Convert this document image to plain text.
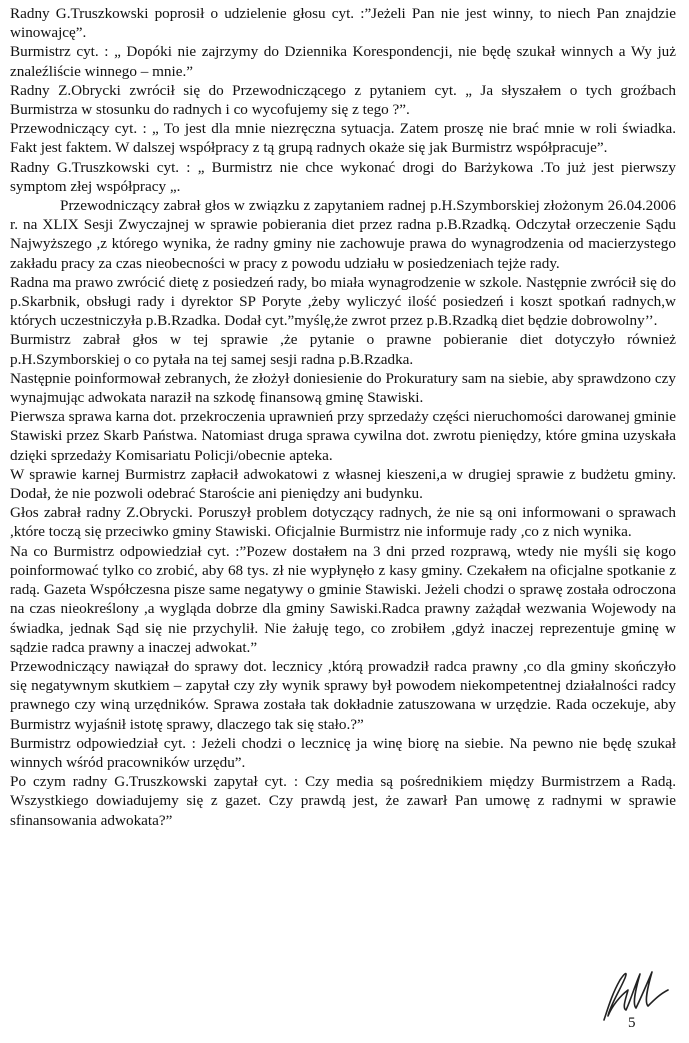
Radny G.Truszkowski poprosił o udzielenie głosu cyt. :”Jeżeli Pan nie jest winny, to niech Pan znajdzie winowajcę”.

Burmistrz cyt. : „ Dopóki nie zajrzymy do Dziennika Korespondencji, nie będę szukał winnych a Wy już znaleźliście winnego – mnie.”

Radny Z.Obrycki zwrócił się do Przewodniczącego z pytaniem cyt. „ Ja słyszałem o tych groźbach Burmistrza w stosunku do radnych i co wycofujemy się z tego ?”.

Przewodniczący cyt. : „ To jest dla mnie niezręczna sytuacja. Zatem proszę nie brać mnie w roli świadka. Fakt jest faktem. W dalszej współpracy z tą grupą radnych okaże się jak Burmistrz współpracuje”.

Radny G.Truszkowski cyt. : „ Burmistrz nie chce wykonać drogi do Barżykowa .To już jest pierwszy symptom złej współpracy „.

Przewodniczący zabrał głos w związku z zapytaniem radnej p.H.Szymborskiej złożonym 26.04.2006 r. na XLIX Sesji Zwyczajnej w sprawie pobierania diet przez radna p.B.Rzadką. Odczytał orzeczenie Sądu Najwyższego ,z którego wynika, że radny gminy nie zachowuje prawa do wynagrodzenia od macierzystego zakładu pracy za czas nieobecności w pracy z powodu udziału w posiedzeniach tejże rady.

Radna ma prawo zwrócić dietę z posiedzeń rady, bo miała wynagrodzenie w szkole. Następnie zwrócił się do p.Skarbnik, obsługi rady i dyrektor SP Poryte ,żeby wyliczyć ilość posiedzeń i koszt spotkań radnych,w których uczestniczyła p.B.Rzadka. Dodał cyt.”myślę,że zwrot przez p.B.Rzadką diet będzie dobrowolny’’.

Burmistrz zabrał głos w tej sprawie ,że pytanie o prawne pobieranie diet dotyczyło również p.H.Szymborskiej o co pytała na tej samej sesji radna p.B.Rzadka.

Następnie poinformował zebranych, że złożył doniesienie do Prokuratury sam na siebie, aby sprawdzono czy wynajmując adwokata naraził na szkodę finansową gminę Stawiski.

Pierwsza sprawa karna dot. przekroczenia uprawnień przy sprzedaży części nieruchomości darowanej gminie Stawiski przez Skarb Państwa. Natomiast druga sprawa cywilna dot. zwrotu pieniędzy, które gmina uzyskała dzięki sprzedaży Komisariatu Policji/obecnie apteka.

W sprawie karnej Burmistrz zapłacił adwokatowi z własnej kieszeni,a w drugiej sprawie z budżetu gminy. Dodał, że nie pozwoli odebrać Staroście ani pieniędzy ani budynku.

Głos zabrał radny Z.Obrycki. Poruszył problem dotyczący radnych, że nie są oni informowani o sprawach ,które toczą się przeciwko gminy Stawiski. Oficjalnie Burmistrz nie informuje rady ,co z nich wynika.

Na co Burmistrz odpowiedział cyt. :”Pozew dostałem na 3 dni przed rozprawą, wtedy nie myśli się kogo poinformować tylko co zrobić, aby 68 tys. zł nie wypłynęło z kasy gminy. Czekałem na oficjalne spotkanie z radą. Gazeta Współczesna pisze same negatywy o gminie Stawiski. Jeżeli chodzi o sprawę została odroczona na czas nieokreślony ,a wygląda dobrze dla gminy Sawiski.Radca prawny zażądał wezwania Wojewody na świadka, jednak Sąd się nie przychylił. Nie żałuję tego, co zrobiłem ,gdyż inaczej reprezentuje gminę w sądzie radca prawny a inaczej adwokat.”

Przewodniczący nawiązał do sprawy dot. lecznicy ,którą prowadził radca prawny ,co dla gminy skończyło się negatywnym skutkiem – zapytał czy zły wynik sprawy był powodem niekompetentnej działalności radcy prawnego czy winą urzędników. Sprawa została tak dokładnie zatuszowana w urzędzie. Rada oczekuje, aby Burmistrz wyjaśnił istotę sprawy, dlaczego tak się stało.?”

Burmistrz odpowiedział cyt. : Jeżeli chodzi o lecznicę ja winę biorę na siebie. Na pewno nie będę szukał winnych wśród pracowników urzędu”.

Po czym radny G.Truszkowski zapytał cyt. : Czy media są pośrednikiem między Burmistrzem a Radą. Wszystkiego dowiadujemy się z gazet. Czy prawdą jest, że zawarł Pan umowę z radnymi w sprawie sfinansowania adwokata?”

5
